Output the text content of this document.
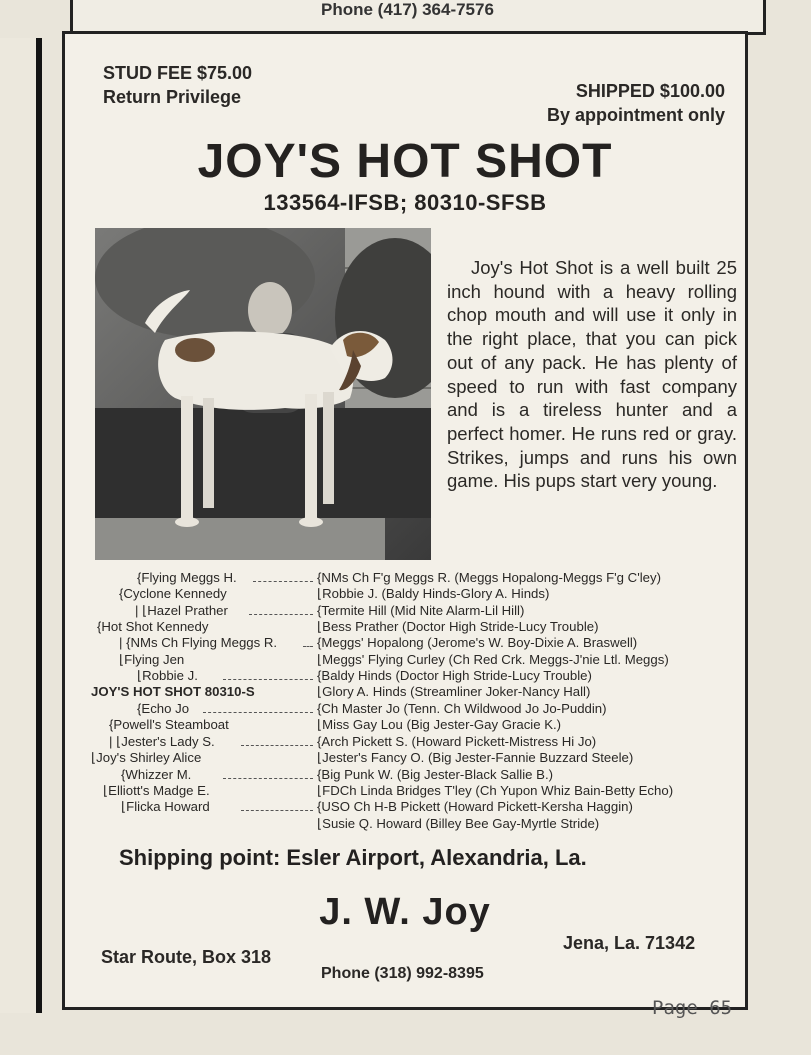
Phone (417) 364-7576
STUD FEE $75.00
Return Privilege	SHIPPED $100.00
By appointment only
JOY'S HOT SHOT
133564-IFSB; 80310-SFSB

Joy's Hot Shot is a well built 25 inch hound with a heavy rolling chop mouth and will use it only in the right place, that you can pick out of any pack. He has plenty of speed to run with fast company and is a tireless hunter and a perfect homer. He runs red or gray. Strikes, jumps and runs his own game. His pups start very young.

{Flying Meggs H.
{Cyclone Kennedy
| ⌊Hazel Prather
{Hot Shot Kennedy
| {NMs Ch Flying Meggs R.
⌊Flying Jen
⌊Robbie J.
JOY'S HOT SHOT 80310-S
{Echo Jo
{Powell's Steamboat
| ⌊Jester's Lady S.
⌊Joy's Shirley Alice
{Whizzer M.
⌊Elliott's Madge E.
⌊Flicka Howard
{NMs Ch F'g Meggs R. (Meggs Hopalong-Meggs F'g C'ley)
⌊Robbie J. (Baldy Hinds-Glory A. Hinds)
{Termite Hill (Mid Nite Alarm-Lil Hill)
⌊Bess Prather (Doctor High Stride-Lucy Trouble)
{Meggs' Hopalong (Jerome's W. Boy-Dixie A. Braswell)
⌊Meggs' Flying Curley (Ch Red Crk. Meggs-J'nie Ltl. Meggs)
{Baldy Hinds (Doctor High Stride-Lucy Trouble)
⌊Glory A. Hinds (Streamliner Joker-Nancy Hall)
{Ch Master Jo (Tenn. Ch Wildwood Jo Jo-Puddin)
⌊Miss Gay Lou (Big Jester-Gay Gracie K.)
{Arch Pickett S. (Howard Pickett-Mistress Hi Jo)
⌊Jester's Fancy O. (Big Jester-Fannie Buzzard Steele)
{Big Punk W. (Big Jester-Black Sallie B.)
⌊FDCh Linda Bridges T'ley (Ch Yupon Whiz Bain-Betty Echo)
{USO Ch H-B Pickett (Howard Pickett-Kersha Haggin)
⌊Susie Q. Howard (Billey Bee Gay-Myrtle Stride)
Shipping point: Esler Airport, Alexandria, La.
J. W. Joy
Star Route, Box 318
Jena, La. 71342
Phone (318) 992-8395
Page 65
